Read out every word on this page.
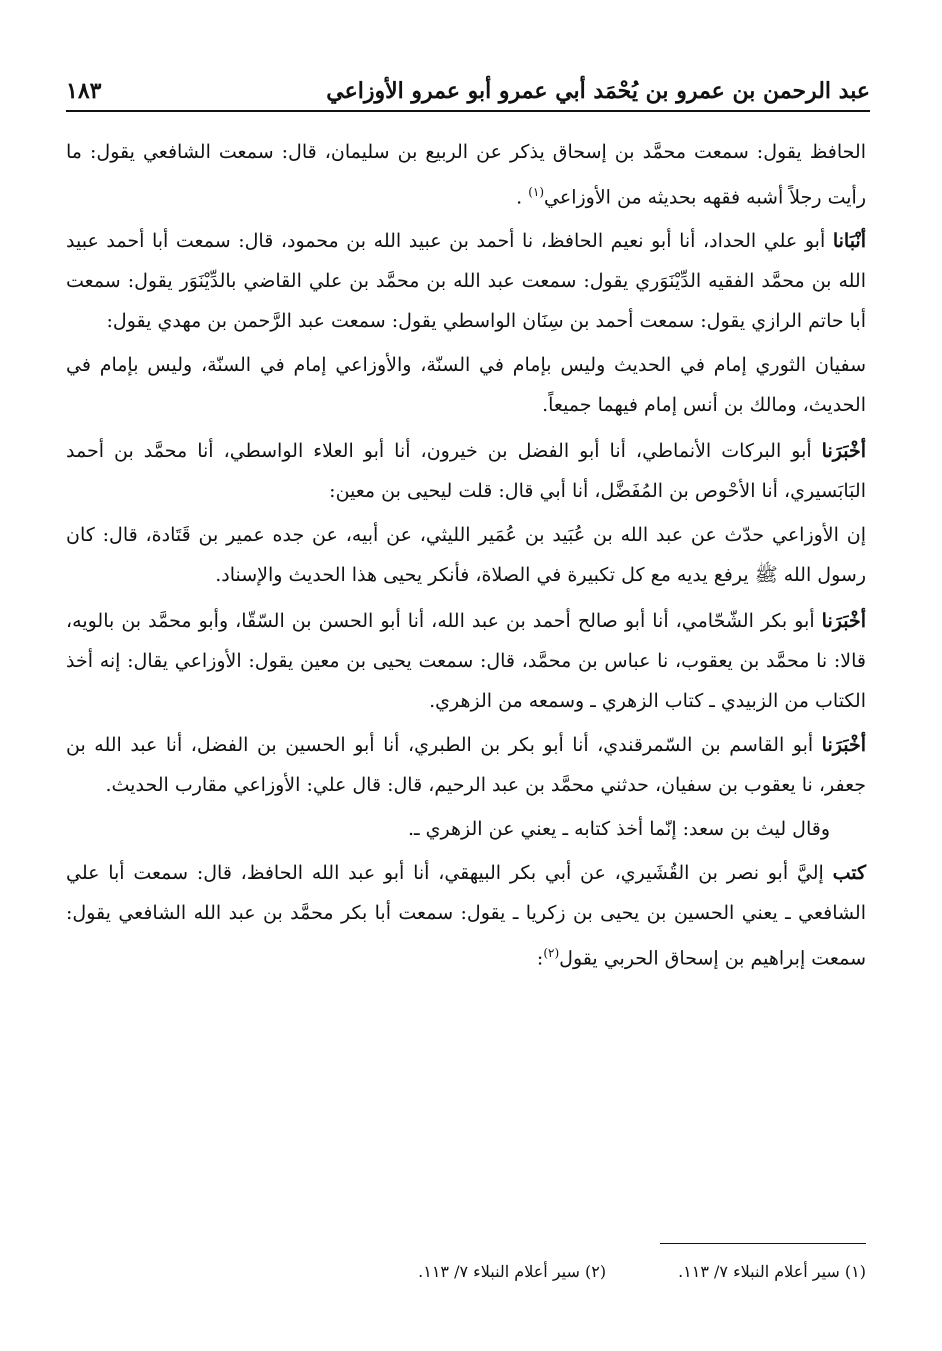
عبد الرحمن بن عمرو بن يُحْمَد أبي عمرو أبو عمرو الأوزاعي
١٨٣

الحافظ يقول: سمعت محمَّد بن إسحاق يذكر عن الربيع بن سليمان، قال: سمعت الشافعي يقول: ما رأيت رجلاً أشبه فقهه بحديثه من الأوزاعي$^{(١)}$ .

أنْبَانا أبو علي الحداد، أنا أبو نعيم الحافظ، نا أحمد بن عبيد الله بن محمود، قال: سمعت أبا أحمد عبيد الله بن محمَّد الفقيه الدِّيْنَوَري يقول: سمعت عبد الله بن محمَّد بن علي القاضي بالدِّيْنَوَر يقول: سمعت أبا حاتم الرازي يقول: سمعت أحمد بن سِنَان الواسطي يقول: سمعت عبد الرَّحمن بن مهدي يقول:

سفيان الثوري إمام في الحديث وليس بإمام في السنّة، والأوزاعي إمام في السنّة، وليس بإمام في الحديث، ومالك بن أنس إمام فيهما جميعاً.

أخْبَرَنا أبو البركات الأنماطي، أنا أبو الفضل بن خيرون، أنا أبو العلاء الواسطي، أنا محمَّد بن أحمد البَابَسيري، أنا الأحْوص بن المُفَضَّل، أنا أبي قال: قلت ليحيى بن معين:

إن الأوزاعي حدّث عن عبد الله بن عُبَيد بن عُمَير الليثي، عن أبيه، عن جده عمير بن قَتَادة، قال: كان رسول الله ﷺ يرفع يديه مع كل تكبيرة في الصلاة، فأنكر يحيى هذا الحديث والإسناد.

أخْبَرَنا أبو بكر الشّحّامي، أنا أبو صالح أحمد بن عبد الله، أنا أبو الحسن بن السّقّا، وأبو محمَّد بن بالويه، قالا: نا محمَّد بن يعقوب، نا عباس بن محمَّد، قال: سمعت يحيى بن معين يقول: الأوزاعي يقال: إنه أخذ الكتاب من الزبيدي ـ كتاب الزهري ـ وسمعه من الزهري.

أخْبَرَنا أبو القاسم بن السّمرقندي، أنا أبو بكر بن الطبري، أنا أبو الحسين بن الفضل، أنا عبد الله بن جعفر، نا يعقوب بن سفيان، حدثني محمَّد بن عبد الرحيم، قال: قال علي: الأوزاعي مقارب الحديث.

وقال ليث بن سعد: إنّما أخذ كتابه ـ يعني عن الزهري ـ.

كتب إليَّ أبو نصر بن القُشَيري، عن أبي بكر البيهقي، أنا أبو عبد الله الحافظ، قال: سمعت أبا علي الشافعي ـ يعني الحسين بن يحيى بن زكريا ـ يقول: سمعت أبا بكر محمَّد بن عبد الله الشافعي يقول: سمعت إبراهيم بن إسحاق الحربي يقول$^{(٢)}$:

(١) سير أعلام النبلاء ٧/ ١١٣.
(٢) سير أعلام النبلاء ٧/ ١١٣.
